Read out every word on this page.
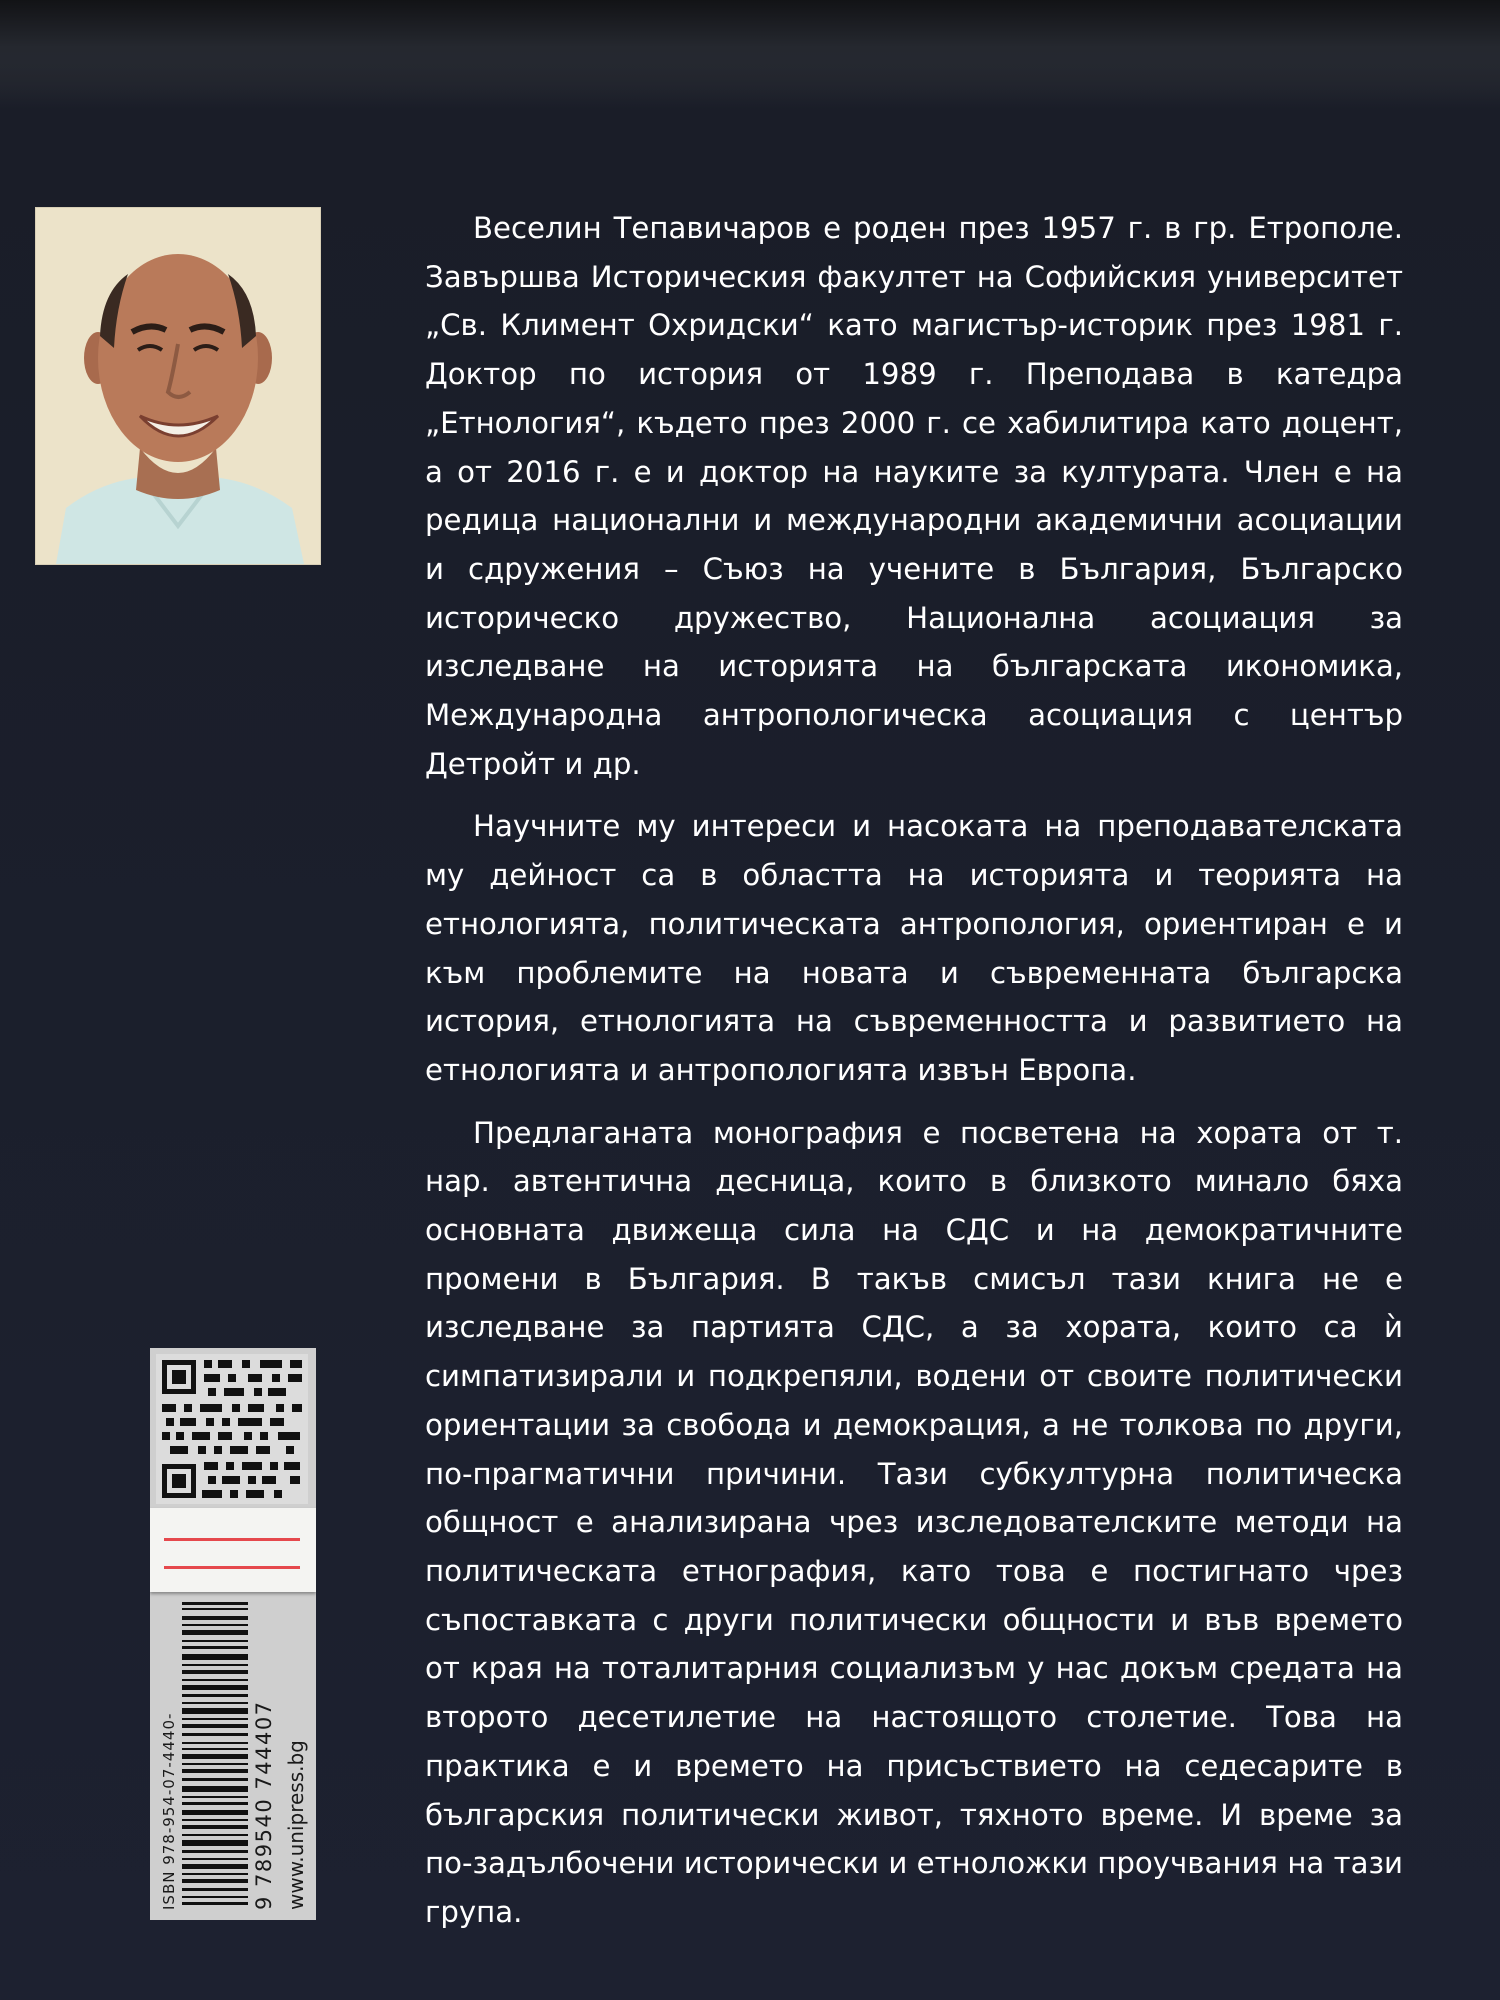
Веселин Тепавичаров е роден през 1957 г. в гр. Етрополе. Завършва Историческия факултет на Софийския университет „Св. Климент Охридски“ като магистър-историк през 1981 г. Доктор по история от 1989 г. Преподава в катедра „Етнология“, където през 2000 г. се хабилитира като доцент, а от 2016 г. е и доктор на науките за културата. Член е на редица национални и международни академични асоциации и сдружения – Съюз на учените в България, Българско историческо дружество, Национална асоциация за изследване на историята на българската икономика, Международна антропологическа асоциация с център Детройт и др.

Научните му интереси и насоката на преподавателската му дейност са в областта на историята и теорията на етнологията, политическата антропология, ориентиран е и към проблемите на новата и съвременната българска история, етнологията на съвременността и развитието на етнологията и антропологията извън Европа.

Предлаганата монография е посветена на хората от т. нар. автентична десница, които в близкото минало бяха основната движеща сила на СДС и на демократичните промени в България. В такъв смисъл тази книга не е изследване за партията СДС, а за хората, които са ѝ симпатизирали и подкрепяли, водени от своите политически ориентации за свобода и демокрация, а не толкова по други, по-прагматични причини. Тази субкултурна политическа общност е анализирана чрез изследователските методи на политическата етнография, като това е постигнато чрез съпоставката с други политически общности и във времето от края на тоталитарния социализъм у нас докъм средата на второто десетилетие на настоящото столетие. Това на практика е и времето на присъствието на седесарите в българския политически живот, тяхното време. И време за по-задълбочени исторически и етноложки проучвания на тази група.

ISBN 978-954-07-4440-	9 789540 744407 www.unipress.bg
